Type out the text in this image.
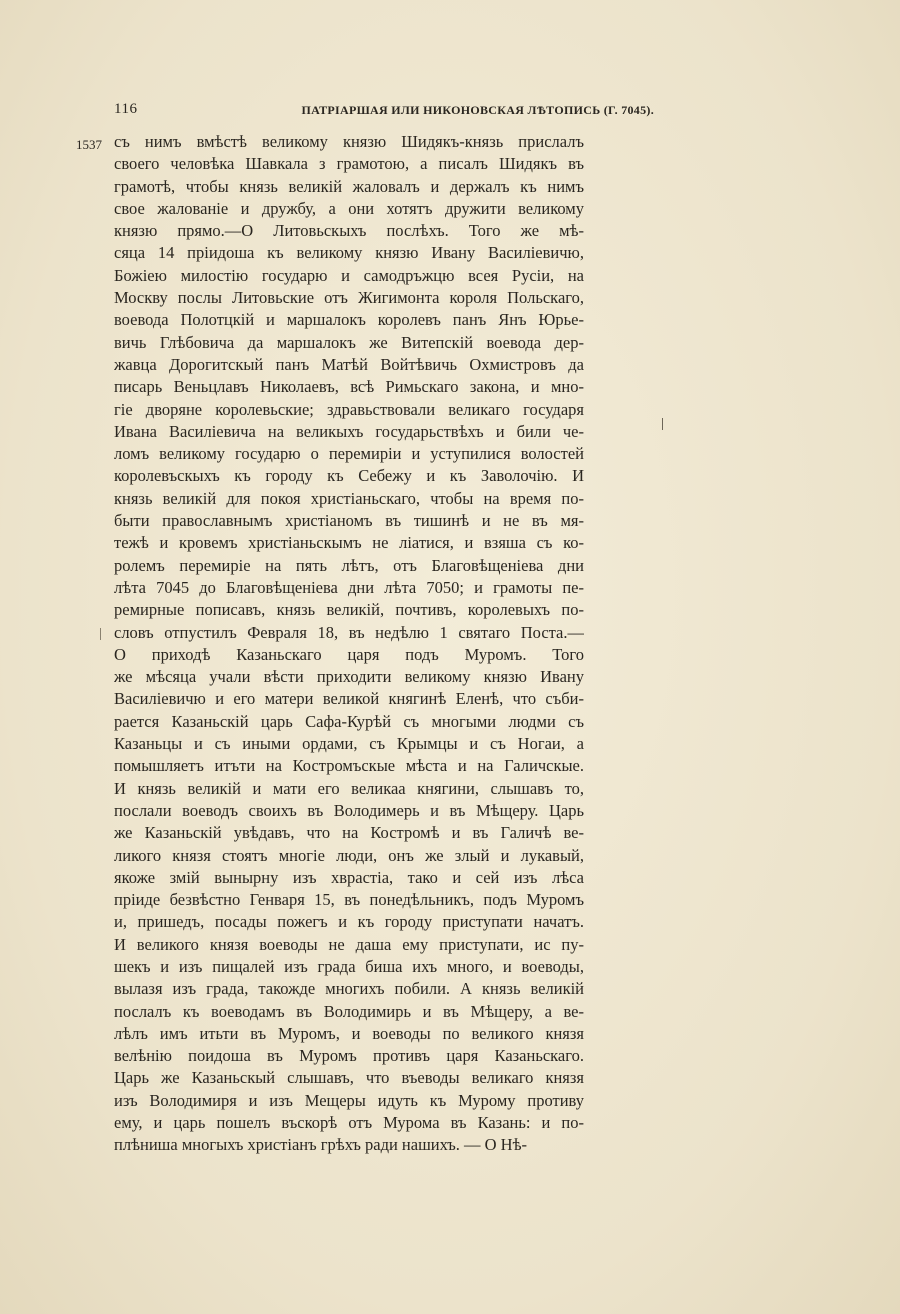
116	ПАТРІАРШАЯ ИЛИ НИКОНОВСКАЯ ЛѢТОПИСЬ (Г. 7045).
1537 съ нимъ вмѣстѣ великому князю Шидякъ-князь прислалъ
своего человѣка Шавкала з грамотою, а писалъ Шидякъ въ
грамотѣ, чтобы князь великій жаловалъ и держалъ къ нимъ
свое жалованіе и дружбу, а они хотятъ дружити великому
князю прямо.—О Литовьскыхъ послѣхъ. Того же мѣ-
сяца 14 пріидоша къ великому князю Ивану Василіевичю,
Божіею милостію государю и самодръжцю всея Русіи, на
Москву послы Литовьские отъ Жигимонта короля Польскаго,
воевода Полотцкій и маршалокъ королевъ панъ Янъ Юрье-
вичь Глѣбовича да маршалокъ же Витепскій воевода дер-
жавца Дорогитскый панъ Матѣй Войтѣвичь Охмистровъ да
писарь Веньцлавъ Николаевъ, всѣ Римьскаго закона, и мно-
гіе дворяне королевьские; здравьствовали великаго государя
Ивана Василіевича на великыхъ государьствѣхъ и били че-
ломъ великому государю о перемиріи и уступилися волостей
королевъскыхъ къ городу къ Себежу и къ Заволочію. И
князь великій для покоя христіаньскаго, чтобы на время по-
быти православнымъ христіаномъ въ тишинѣ и не въ мя-
тежѣ и кровемъ христіаньскымъ не ліатися, и взяша съ ко-
ролемъ перемиріе на пять лѣтъ, отъ Благовѣщеніева дни
лѣта 7045 до Благовѣщеніева дни лѣта 7050; и грамоты пе-
ремирные пописавъ, князь великій, почтивъ, королевыхъ по-
словъ отпустилъ Февраля 18, въ недѣлю 1 святаго Поста.—
О приходѣ Казаньскаго царя подъ Муромъ. Того
же мѣсяца учали вѣсти приходити великому князю Ивану
Василіевичю и его матери великой княгинѣ Еленѣ, что съби-
рается Казаньскій царь Сафа-Курѣй съ многыми людми съ
Казаньцы и съ иными ордами, съ Крымцы и съ Ногаи, а
помышляетъ итъти на Костромъскые мѣста и на Галичскые.
И князь великій и мати его великаа княгини, слышавъ то,
послали воеводъ своихъ въ Володимерь и въ Мѣщеру. Царь
же Казаньскій увѣдавъ, что на Костромѣ и въ Галичѣ ве-
ликого князя стоятъ многіе люди, онъ же злый и лукавый,
якоже змій вынырну изъ хврастіа, тако и сей изъ лѣса
пріиде безвѣстно Генваря 15, въ понедѣльникъ, подъ Муромъ
и, пришедъ, посады пожегъ и къ городу приступати начатъ.
И великого князя воеводы не даша ему приступати, ис пу-
шекъ и изъ пищалей изъ града биша ихъ много, и воеводы,
вылазя изъ града, такожде многихъ побили. А князь великій
послалъ къ воеводамъ въ Володимирь и въ Мѣщеру, а ве-
лѣлъ имъ итьти въ Муромъ, и воеводы по великого князя
велѣнію поидоша въ Муромъ противъ царя Казаньскаго.
Царь же Казаньскый слышавъ, что въеводы великаго князя
изъ Володимиря и изъ Мещеры идуть къ Мурому противу
ему, и царь пошелъ въскорѣ отъ Мурома въ Казань: и по-
плѣниша многыхъ христіанъ грѣхъ ради нашихъ. — О Нѣ-
